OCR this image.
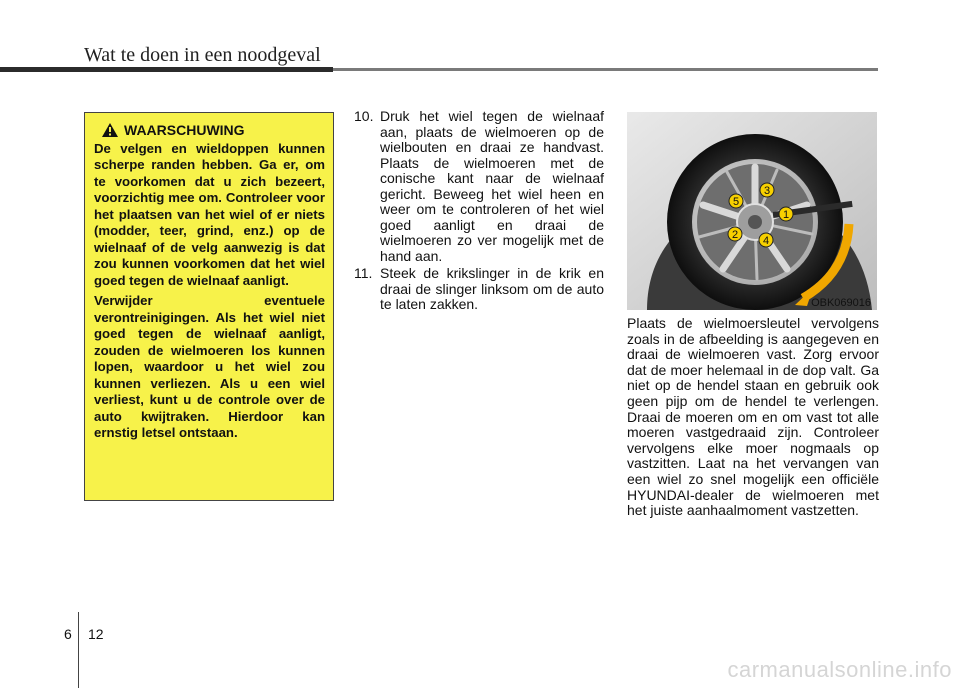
Wat te doen in een noodgeval
WAARSCHUWING

De velgen en wieldoppen kunnen scherpe randen hebben. Ga er, om te voorkomen dat u zich bezeert, voorzichtig mee om. Controleer voor het plaatsen van het wiel of er niets (modder, teer, grind, enz.) op de wielnaaf of de velg aanwezig is dat zou kunnen voorkomen dat het wiel goed tegen de wielnaaf aanligt.

Verwijder eventuele verontreinigingen. Als het wiel niet goed tegen de wielnaaf aanligt, zouden de wielmoeren los kunnen lopen, waardoor u het wiel zou kunnen verliezen. Als u een wiel verliest, kunt u de controle over de auto kwijtraken. Hierdoor kan ernstig letsel ontstaan.

10. Druk het wiel tegen de wielnaaf aan, plaats de wielmoeren op de wielbouten en draai ze handvast. Plaats de wielmoeren met de conische kant naar de wielnaaf gericht. Beweeg het wiel heen en weer om te controleren of het wiel goed aanligt en draai de wielmoeren zo ver mogelijk met de hand aan.
11. Steek de krikslinger in de krik en draai de slinger linksom om de auto te laten zakken.
1
2
3
4
5
OBK069016

Plaats de wielmoersleutel vervolgens zoals in de afbeelding is aangegeven en draai de wielmoeren vast. Zorg ervoor dat de moer helemaal in de dop valt. Ga niet op de hendel staan en gebruik ook geen pijp om de hendel te verlengen. Draai de moeren om en om vast tot alle moeren vastgedraaid zijn. Controleer vervolgens elke moer nogmaals op vastzitten. Laat na het vervangen van een wiel zo snel mogelijk een officiële HYUNDAI-dealer de wielmoeren met het juiste aanhaalmoment vastzetten.

6 12
carmanualsonline.info
